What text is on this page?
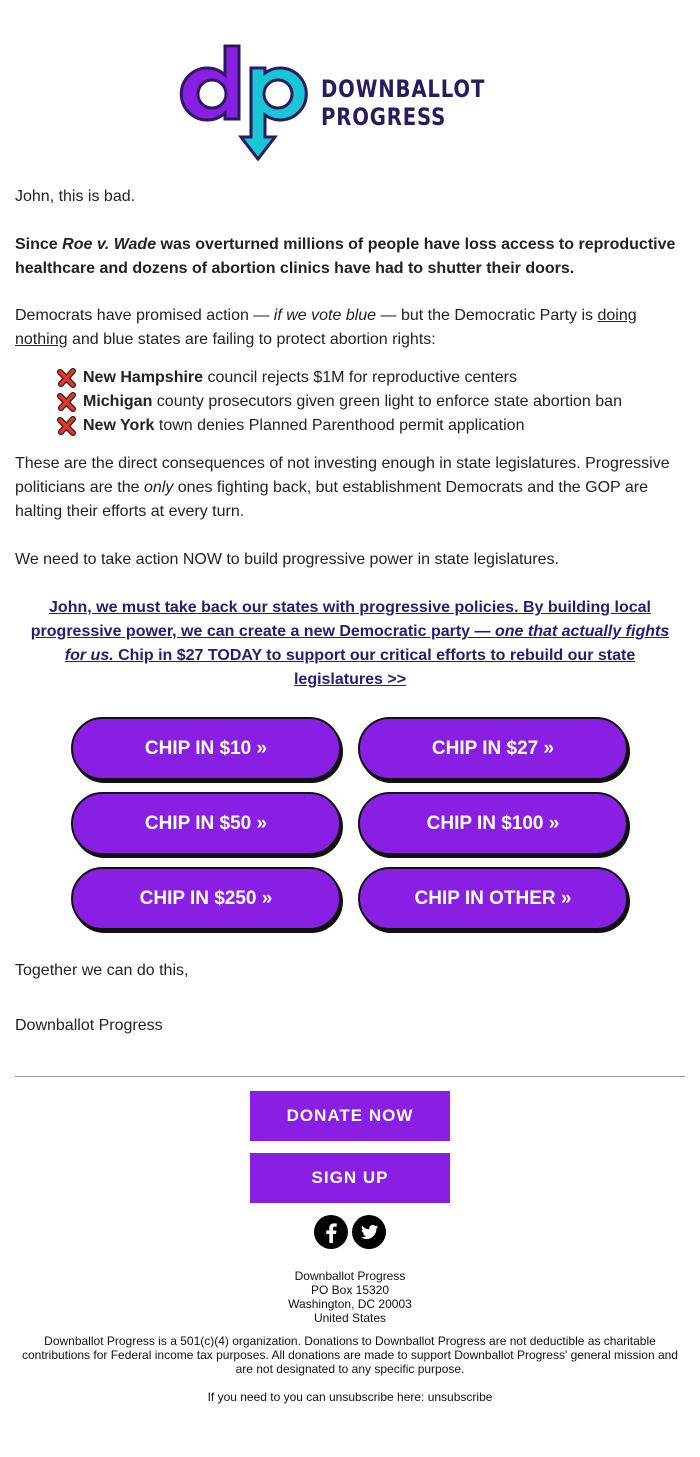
DOWNBALLOT
PROGRESS

John, this is bad.

Since Roe v. Wade was overturned millions of people have loss access to reproductive healthcare and dozens of abortion clinics have had to shutter their doors.

Democrats have promised action — if we vote blue — but the Democratic Party is doing nothing and blue states are failing to protect abortion rights:

New Hampshire council rejects $1M for reproductive centers
Michigan county prosecutors given green light to enforce state abortion ban
New York town denies Planned Parenthood permit application

These are the direct consequences of not investing enough in state legislatures. Progressive politicians are the only ones fighting back, but establishment Democrats and the GOP are halting their efforts at every turn.

We need to take action NOW to build progressive power in state legislatures.

John, we must take back our states with progressive policies. By building local progressive power, we can create a new Democratic party — one that actually fights for us. Chip in $27 TODAY to support our critical efforts to rebuild our state legislatures >>
CHIP IN $10 »	CHIP IN $27 »
CHIP IN $50 »	CHIP IN $100 »
CHIP IN $250 »	CHIP IN OTHER »

Together we can do this,

Downballot Progress

DONATE NOW
SIGN UP
Downballot Progress
PO Box 15320
Washington, DC 20003
United States

Downballot Progress is a 501(c)(4) organization. Donations to Downballot Progress are not deductible as charitable contributions for Federal income tax purposes. All donations are made to support Downballot Progress' general mission and are not designated to any specific purpose.

If you need to you can unsubscribe here: unsubscribe
